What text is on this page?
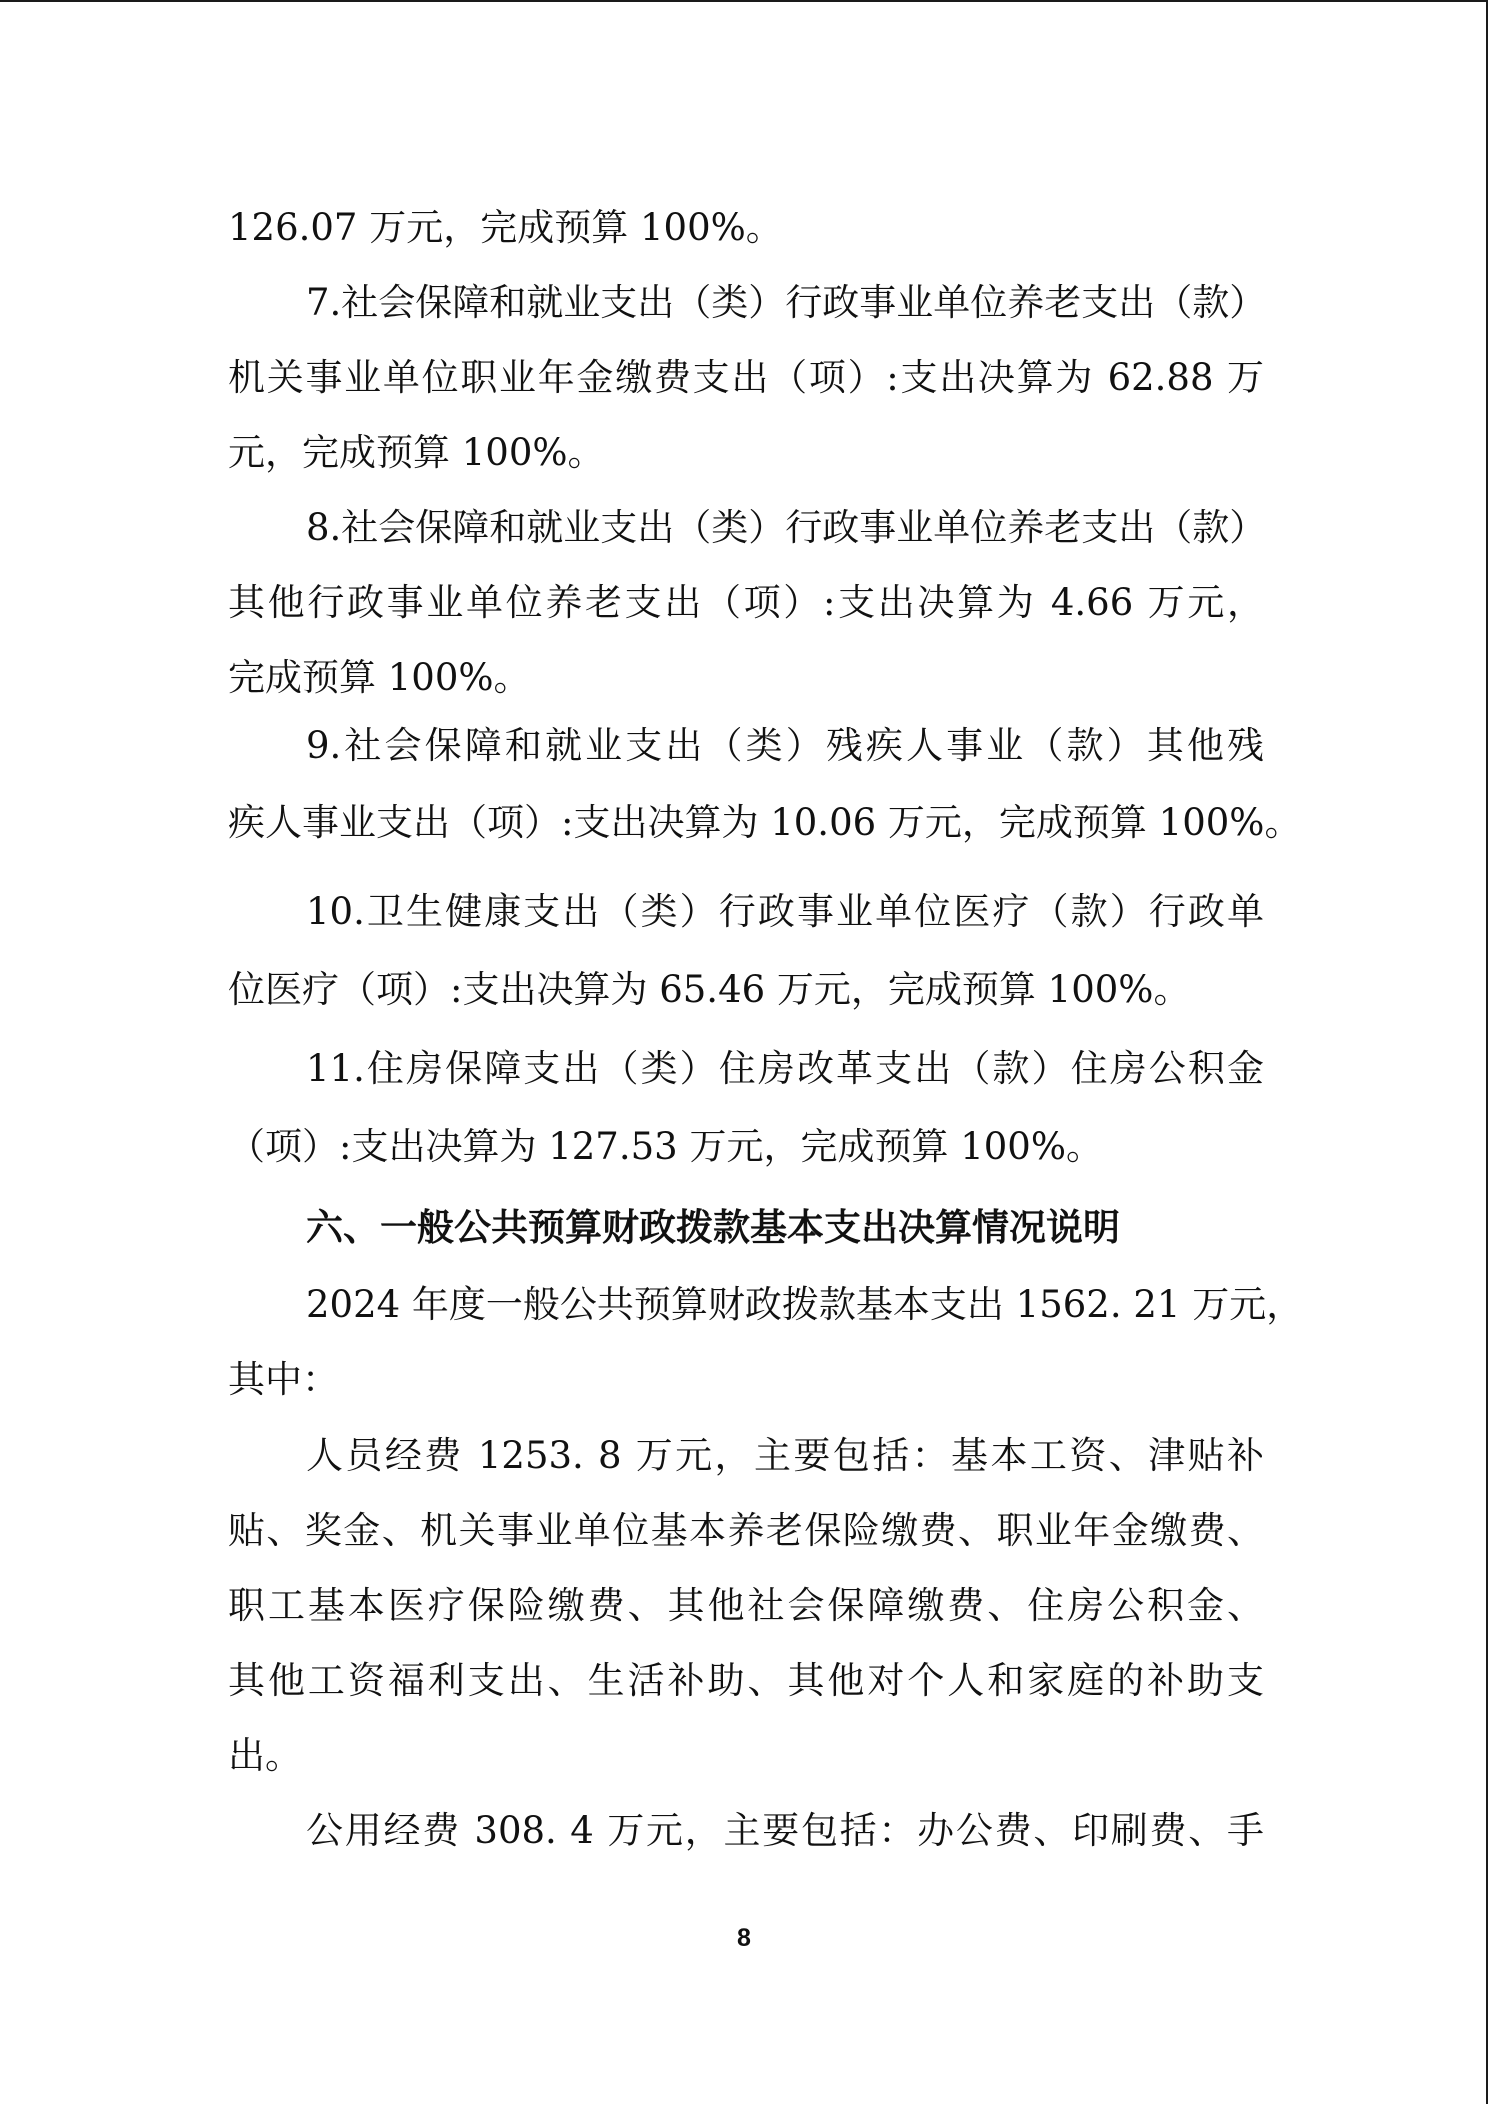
126.07 万元，完成预算 100%。
7.社会保障和就业支出（类）行政事业单位养老支出（款）
机关事业单位职业年金缴费支出（项）:支出决算为 62.88 万
元，完成预算 100%。
8.社会保障和就业支出（类）行政事业单位养老支出（款）
其他行政事业单位养老支出（项）:支出决算为 4.66 万元，
完成预算 100%。
9.社会保障和就业支出（类）残疾人事业（款）其他残
疾人事业支出（项）:支出决算为 10.06 万元，完成预算 100%。
10.卫生健康支出（类）行政事业单位医疗（款）行政单
位医疗（项）:支出决算为 65.46 万元，完成预算 100%。
11.住房保障支出（类）住房改革支出（款）住房公积金
（项）:支出决算为 127.53 万元，完成预算 100%。
六、一般公共预算财政拨款基本支出决算情况说明
2024 年度一般公共预算财政拨款基本支出 1562. 21 万元，
其中：
人员经费 1253. 8 万元，主要包括：基本工资、津贴补
贴、奖金、机关事业单位基本养老保险缴费、职业年金缴费、
职工基本医疗保险缴费、其他社会保障缴费、住房公积金、
其他工资福利支出、生活补助、其他对个人和家庭的补助支
出。
公用经费 308. 4 万元，主要包括：办公费、印刷费、手
8
